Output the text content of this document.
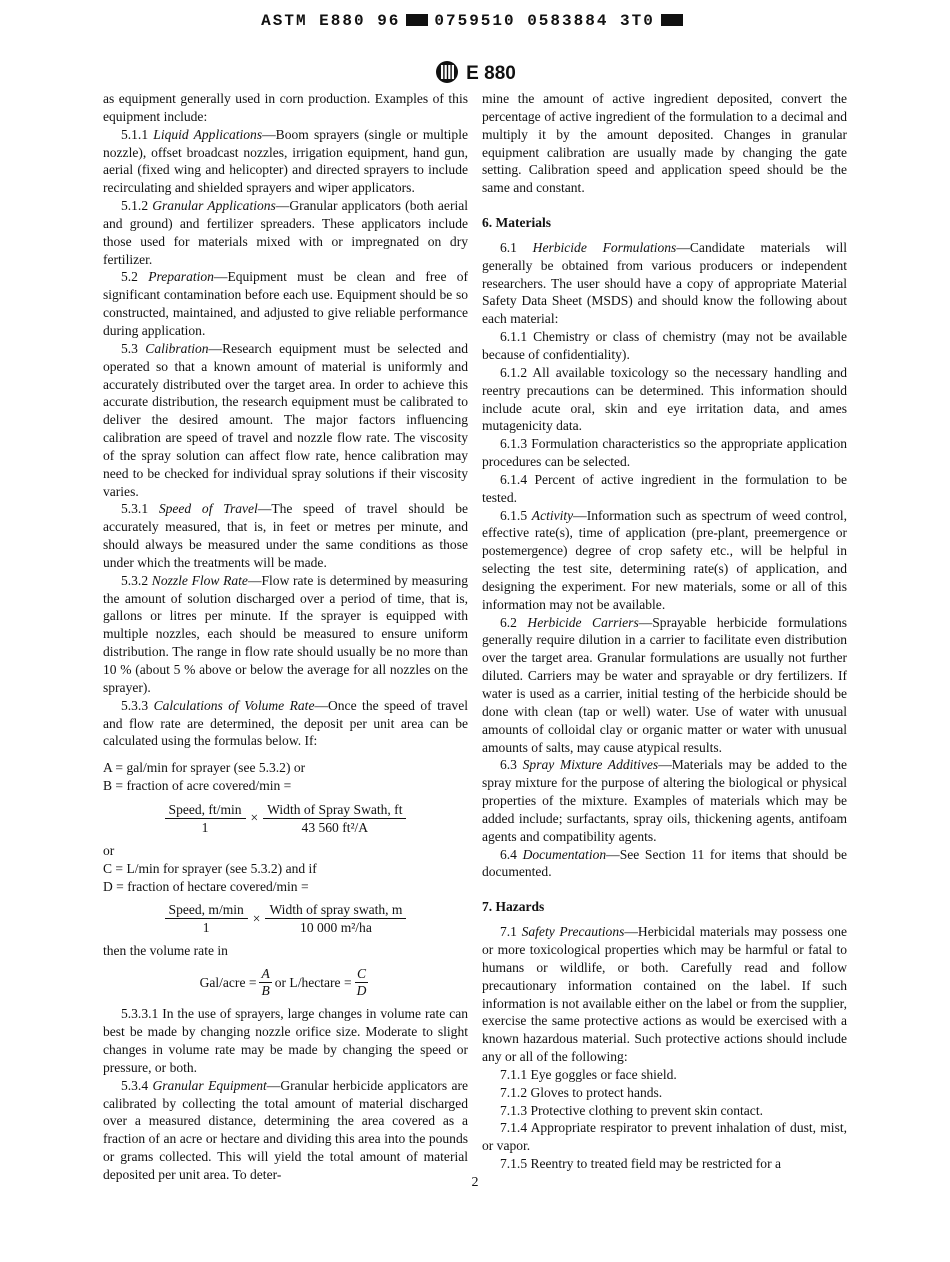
ASTM E880 96 0759510 0583884 3T0
E 880

as equipment generally used in corn production. Examples of this equipment include:

5.1.1 Liquid Applications—Boom sprayers (single or multiple nozzle), offset broadcast nozzles, irrigation equipment, hand gun, aerial (fixed wing and helicopter) and directed sprayers to include recirculating and shielded sprayers and wiper applicators.

5.1.2 Granular Applications—Granular applicators (both aerial and ground) and fertilizer spreaders. These applicators include those used for materials mixed with or impregnated on dry fertilizer.

5.2 Preparation—Equipment must be clean and free of significant contamination before each use. Equipment should be so constructed, maintained, and adjusted to give reliable performance during application.

5.3 Calibration—Research equipment must be selected and operated so that a known amount of material is uniformly and accurately distributed over the target area. In order to achieve this accurate distribution, the research equipment must be calibrated to deliver the desired amount. The major factors influencing calibration are speed of travel and nozzle flow rate. The viscosity of the spray solution can affect flow rate, hence calibration may need to be checked for individual spray solutions if their viscosity varies.

5.3.1 Speed of Travel—The speed of travel should be accurately measured, that is, in feet or metres per minute, and should always be measured under the same conditions as those under which the treatments will be made.

5.3.2 Nozzle Flow Rate—Flow rate is determined by measuring the amount of solution discharged over a period of time, that is, gallons or litres per minute. If the sprayer is equipped with multiple nozzles, each should be measured to ensure uniform distribution. The range in flow rate should usually be no more than 10 % (about 5 % above or below the average for all nozzles on the sprayer).

5.3.3 Calculations of Volume Rate—Once the speed of travel and flow rate are determined, the deposit per unit area can be calculated using the formulas below. If:

A = gal/min for sprayer (see 5.3.2) or
B = fraction of acre covered/min =
$\frac{\text{Speed, ft/min}}{1} \times \frac{\text{Width of Spray Swath, ft}}{\text{43 560 ft²/A}}$
or
C = L/min for sprayer (see 5.3.2) and if
D = fraction of hectare covered/min =
$\frac{\text{Speed, m/min}}{1} \times \frac{\text{Width of spray swath, m}}{\text{10 000 m²/ha}}$
then the volume rate in
Gal/acre = $\frac{A}{B}$ or L/hectare = $\frac{C}{D}$

5.3.3.1 In the use of sprayers, large changes in volume rate can best be made by changing nozzle orifice size. Moderate to slight changes in volume rate may be made by changing the speed or pressure, or both.

5.3.4 Granular Equipment—Granular herbicide applicators are calibrated by collecting the total amount of material discharged over a measured distance, determining the area covered as a fraction of an acre or hectare and dividing this area into the pounds or grams collected. This will yield the total amount of material deposited per unit area. To deter-

mine the amount of active ingredient deposited, convert the percentage of active ingredient of the formulation to a decimal and multiply it by the amount deposited. Changes in granular equipment calibration are usually made by changing the gate setting. Calibration speed and application speed should be the same and constant.

6. Materials

6.1 Herbicide Formulations—Candidate materials will generally be obtained from various producers or independent researchers. The user should have a copy of appropriate Material Safety Data Sheet (MSDS) and should know the following about each material:

6.1.1 Chemistry or class of chemistry (may not be available because of confidentiality).

6.1.2 All available toxicology so the necessary handling and reentry precautions can be determined. This information should include acute oral, skin and eye irritation data, and ames mutagenicity data.

6.1.3 Formulation characteristics so the appropriate application procedures can be selected.

6.1.4 Percent of active ingredient in the formulation to be tested.

6.1.5 Activity—Information such as spectrum of weed control, effective rate(s), time of application (pre-plant, preemergence or postemergence) degree of crop safety etc., will be helpful in selecting the test site, determining rate(s) of application, and designing the experiment. For new materials, some or all of this information may not be available.

6.2 Herbicide Carriers—Sprayable herbicide formulations generally require dilution in a carrier to facilitate even distribution over the target area. Granular formulations are usually not further diluted. Carriers may be water and sprayable or dry fertilizers. If water is used as a carrier, initial testing of the herbicide should be done with clean (tap or well) water. Use of water with unusual amounts of colloidal clay or organic matter or water with unusual amounts of salts, may cause atypical results.

6.3 Spray Mixture Additives—Materials may be added to the spray mixture for the purpose of altering the biological or physical properties of the mixture. Examples of materials which may be added include; surfactants, spray oils, thickening agents, antifoam agents and compatibility agents.

6.4 Documentation—See Section 11 for items that should be documented.

7. Hazards

7.1 Safety Precautions—Herbicidal materials may possess one or more toxicological properties which may be harmful or fatal to humans or wildlife, or both. Carefully read and follow precautionary information contained on the label. If such information is not available either on the label or from the supplier, exercise the same protective actions as would be exercised with a known hazardous material. Such protective actions should include any or all of the following:

7.1.1 Eye goggles or face shield.

7.1.2 Gloves to protect hands.

7.1.3 Protective clothing to prevent skin contact.

7.1.4 Appropriate respirator to prevent inhalation of dust, mist, or vapor.

7.1.5 Reentry to treated field may be restricted for a

2
